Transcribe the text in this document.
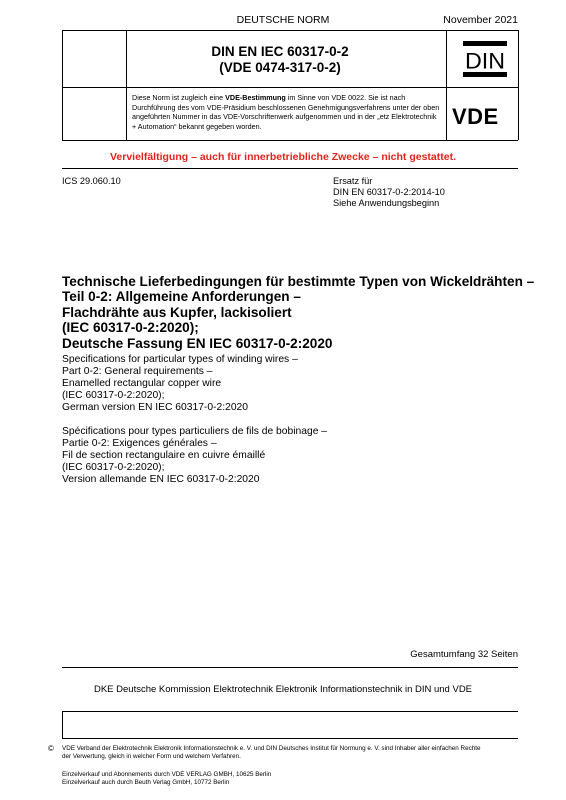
DEUTSCHE NORM	November 2021
DIN EN IEC 60317-0-2
(VDE 0474-317-0-2)	DIN
Diese Norm ist zugleich eine VDE-Bestimmung im Sinne von VDE 0022. Sie ist nach Durchführung des vom VDE-Präsidium beschlossenen Genehmigungsverfahrens unter der oben angeführten Nummer in das VDE-Vorschriftenwerk aufgenommen und in der „etz Elektrotechnik + Automation“ bekannt gegeben worden.	VDE
Vervielfältigung – auch für innerbetriebliche Zwecke – nicht gestattet.
ICS 29.060.10	Ersatz für
DIN EN 60317-0-2:2014-10
Siehe Anwendungsbeginn
Technische Lieferbedingungen für bestimmte Typen von Wickeldrähten –
Teil 0-2: Allgemeine Anforderungen –
Flachdrähte aus Kupfer, lackisoliert
(IEC 60317-0-2:2020);
Deutsche Fassung EN IEC 60317-0-2:2020
Specifications for particular types of winding wires –
Part 0-2: General requirements –
Enamelled rectangular copper wire
(IEC 60317-0-2:2020);
German version EN IEC 60317-0-2:2020
Spécifications pour types particuliers de fils de bobinage –
Partie 0-2: Exigences générales –
Fil de section rectangulaire en cuivre émaillé
(IEC 60317-0-2:2020);
Version allemande EN IEC 60317-0-2:2020
Gesamtumfang 32 Seiten
DKE Deutsche Kommission Elektrotechnik Elektronik Informationstechnik in DIN und VDE
© VDE Verband der Elektrotechnik Elektronik Informationstechnik e. V. und DIN Deutsches Institut für Normung e. V. sind Inhaber aller einfachen Rechte der Verwertung, gleich in welcher Form und welchem Verfahren.
Einzelverkauf und Abonnements durch VDE VERLAG GMBH, 10625 Berlin
Einzelverkauf auch durch Beuth Verlag GmbH, 10772 Berlin
